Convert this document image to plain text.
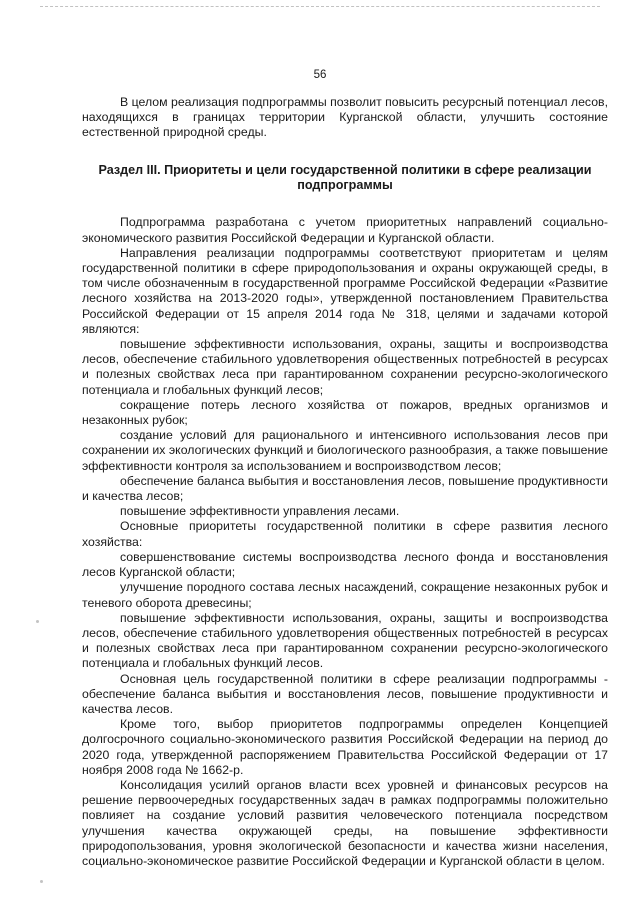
56

В целом реализация подпрограммы позволит повысить ресурсный потенциал лесов, находящихся в границах территории Курганской области, улучшить состояние естественной природной среды.

Раздел III. Приоритеты и цели государственной политики в сфере реализации подпрограммы

Подпрограмма разработана с учетом приоритетных направлений социально-экономического развития Российской Федерации и Курганской области.

Направления реализации подпрограммы соответствуют приоритетам и целям государственной политики в сфере природопользования и охраны окружающей среды, в том числе обозначенным в государственной программе Российской Федерации «Развитие лесного хозяйства на 2013-2020 годы», утвержденной постановлением Правительства Российской Федерации от 15 апреля 2014 года № 318, целями и задачами которой являются:

повышение эффективности использования, охраны, защиты и воспроизводства лесов, обеспечение стабильного удовлетворения общественных потребностей в ресурсах и полезных свойствах леса при гарантированном сохранении ресурсно-экологического потенциала и глобальных функций лесов;

сокращение потерь лесного хозяйства от пожаров, вредных организмов и незаконных рубок;

создание условий для рационального и интенсивного использования лесов при сохранении их экологических функций и биологического разнообразия, а также повышение эффективности контроля за использованием и воспроизводством лесов;

обеспечение баланса выбытия и восстановления лесов, повышение продуктивности и качества лесов;

повышение эффективности управления лесами.

Основные приоритеты государственной политики в сфере развития лесного хозяйства:

совершенствование системы воспроизводства лесного фонда и восстановления лесов Курганской области;

улучшение породного состава лесных насаждений, сокращение незаконных рубок и теневого оборота древесины;

повышение эффективности использования, охраны, защиты и воспроизводства лесов, обеспечение стабильного удовлетворения общественных потребностей в ресурсах и полезных свойствах леса при гарантированном сохранении ресурсно-экологического потенциала и глобальных функций лесов.

Основная цель государственной политики в сфере реализации подпрограммы - обеспечение баланса выбытия и восстановления лесов, повышение продуктивности и качества лесов.

Кроме того, выбор приоритетов подпрограммы определен Концепцией долгосрочного социально-экономического развития Российской Федерации на период до 2020 года, утвержденной распоряжением Правительства Российской Федерации от 17 ноября 2008 года № 1662-р.

Консолидация усилий органов власти всех уровней и финансовых ресурсов на решение первоочередных государственных задач в рамках подпрограммы положительно повлияет на создание условий развития человеческого потенциала посредством улучшения качества окружающей среды, на повышение эффективности природопользования, уровня экологической безопасности и качества жизни населения, социально-экономическое развитие Российской Федерации и Курганской области в целом.
